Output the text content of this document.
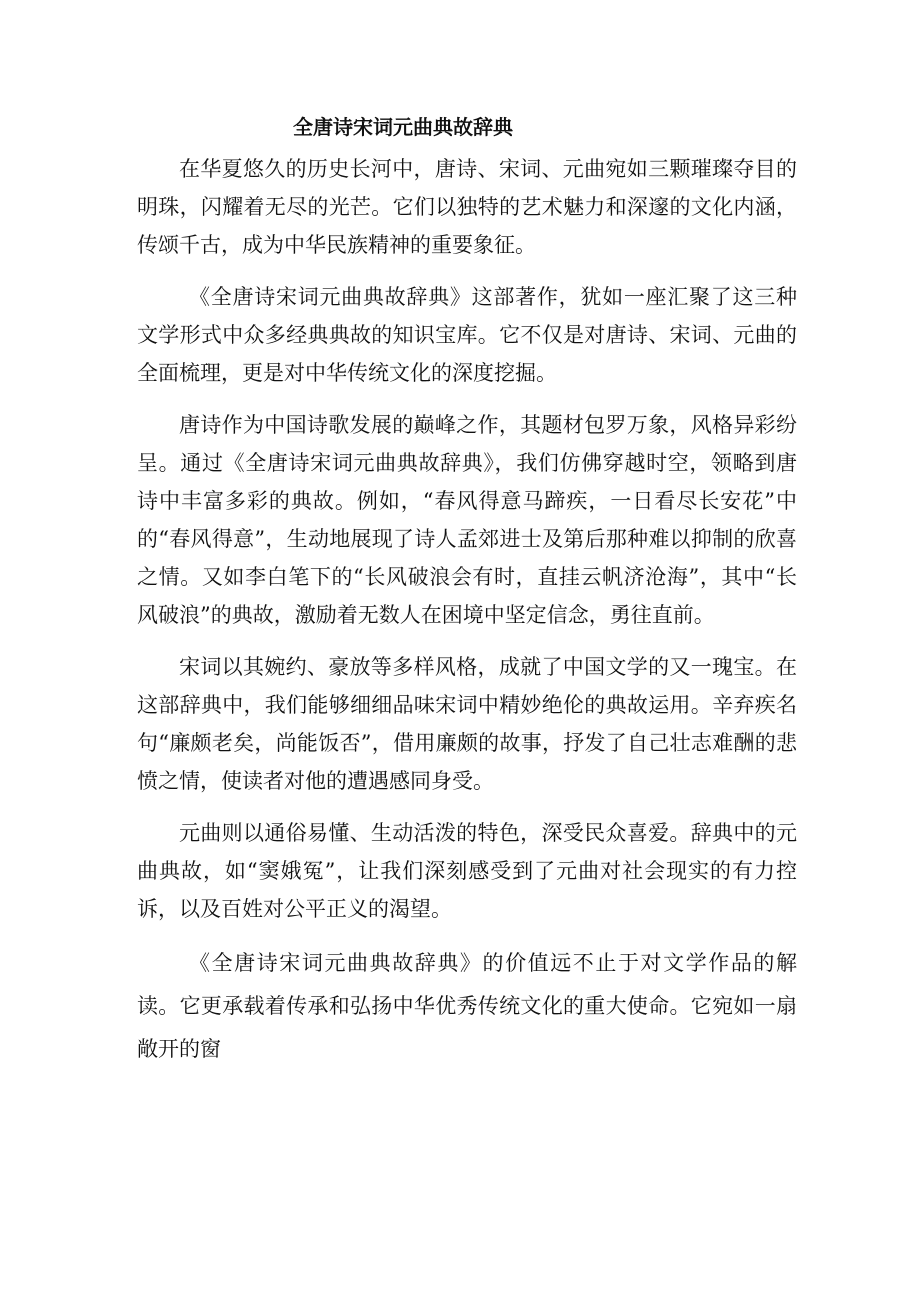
全唐诗宋词元曲典故辞典

在华夏悠久的历史长河中，唐诗、宋词、元曲宛如三颗璀璨夺目的明珠，闪耀着无尽的光芒。它们以独特的艺术魅力和深邃的文化内涵，传颂千古，成为中华民族精神的重要象征。

《全唐诗宋词元曲典故辞典》这部著作，犹如一座汇聚了这三种文学形式中众多经典典故的知识宝库。它不仅是对唐诗、宋词、元曲的全面梳理，更是对中华传统文化的深度挖掘。

唐诗作为中国诗歌发展的巅峰之作，其题材包罗万象，风格异彩纷呈。通过《全唐诗宋词元曲典故辞典》，我们仿佛穿越时空，领略到唐诗中丰富多彩的典故。例如，“春风得意马蹄疾，一日看尽长安花”中的“春风得意”，生动地展现了诗人孟郊进士及第后那种难以抑制的欣喜之情。又如李白笔下的“长风破浪会有时，直挂云帆济沧海”，其中“长风破浪”的典故，激励着无数人在困境中坚定信念，勇往直前。

宋词以其婉约、豪放等多样风格，成就了中国文学的又一瑰宝。在这部辞典中，我们能够细细品味宋词中精妙绝伦的典故运用。辛弃疾名句“廉颇老矣，尚能饭否”，借用廉颇的故事，抒发了自己壮志难酬的悲愤之情，使读者对他的遭遇感同身受。

元曲则以通俗易懂、生动活泼的特色，深受民众喜爱。辞典中的元曲典故，如“窦娥冤”，让我们深刻感受到了元曲对社会现实的有力控诉，以及百姓对公平正义的渴望。

《全唐诗宋词元曲典故辞典》的价值远不止于对文学作品的解读。它更承载着传承和弘扬中华优秀传统文化的重大使命。它宛如一扇敞开的窗
